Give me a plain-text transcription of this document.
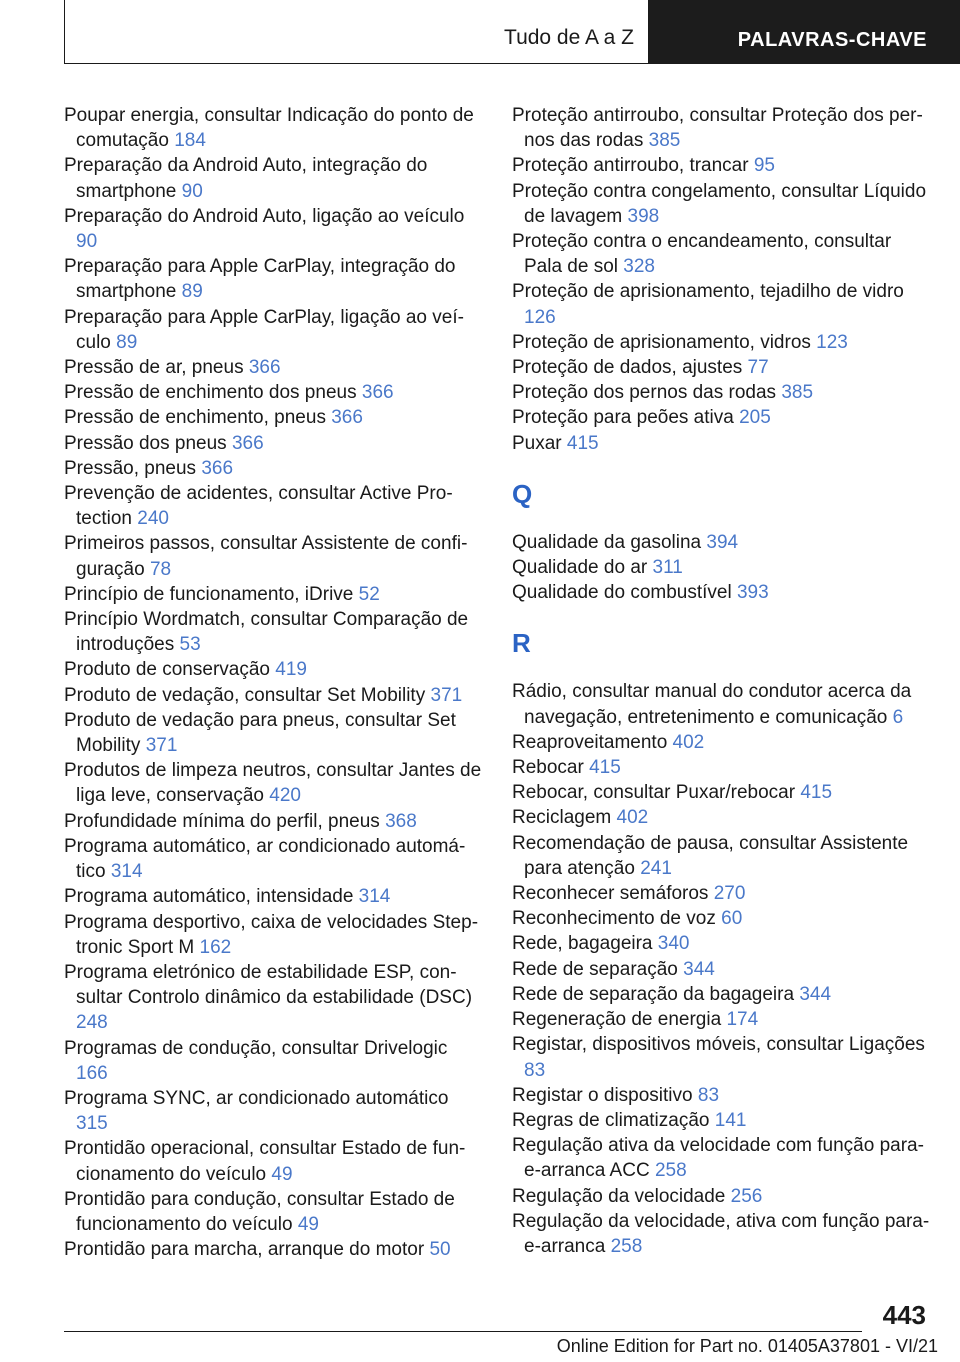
Tudo de A a Z	PALAVRAS-CHAVE

Poupar energia, consultar Indicação do ponto de comutação 184

Preparação da Android Auto, integração do smartphone 90

Preparação do Android Auto, ligação ao veículo 90

Preparação para Apple CarPlay, integração do smartphone 89

Preparação para Apple CarPlay, ligação ao veículo 89

Pressão de ar, pneus 366

Pressão de enchimento dos pneus 366

Pressão de enchimento, pneus 366

Pressão dos pneus 366

Pressão, pneus 366

Prevenção de acidentes, consultar Active Protection 240

Primeiros passos, consultar Assistente de configuração 78

Princípio de funcionamento, iDrive 52

Princípio Wordmatch, consultar Comparação de introduções 53

Produto de conservação 419

Produto de vedação, consultar Set Mobility 371

Produto de vedação para pneus, consultar Set Mobility 371

Produtos de limpeza neutros, consultar Jantes de liga leve, conservação 420

Profundidade mínima do perfil, pneus 368

Programa automático, ar condicionado automático 314

Programa automático, intensidade 314

Programa desportivo, caixa de velocidades Steptronic Sport M 162

Programa eletrónico de estabilidade ESP, consultar Controlo dinâmico da estabilidade (DSC) 248

Programas de condução, consultar Drivelogic 166

Programa SYNC, ar condicionado automático 315

Prontidão operacional, consultar Estado de funcionamento do veículo 49

Prontidão para condução, consultar Estado de funcionamento do veículo 49

Prontidão para marcha, arranque do motor 50

Proteção antirroubo, consultar Proteção dos pernos das rodas 385

Proteção antirroubo, trancar 95

Proteção contra congelamento, consultar Líquido de lavagem 398

Proteção contra o encandeamento, consultar Pala de sol 328

Proteção de aprisionamento, tejadilho de vidro 126

Proteção de aprisionamento, vidros 123

Proteção de dados, ajustes 77

Proteção dos pernos das rodas 385

Proteção para peões ativa 205

Puxar 415

Q

Qualidade da gasolina 394

Qualidade do ar 311

Qualidade do combustível 393

R

Rádio, consultar manual do condutor acerca da navegação, entretenimento e comunicação 6

Reaproveitamento 402

Rebocar 415

Rebocar, consultar Puxar/rebocar 415

Reciclagem 402

Recomendação de pausa, consultar Assistente para atenção 241

Reconhecer semáforos 270

Reconhecimento de voz 60

Rede, bagageira 340

Rede de separação 344

Rede de separação da bagageira 344

Regeneração de energia 174

Registar, dispositivos móveis, consultar Ligações 83

Registar o dispositivo 83

Regras de climatização 141

Regulação ativa da velocidade com função para-e-arranca ACC 258

Regulação da velocidade 256

Regulação da velocidade, ativa com função para-e-arranca 258

443
Online Edition for Part no. 01405A37801 - VI/21
